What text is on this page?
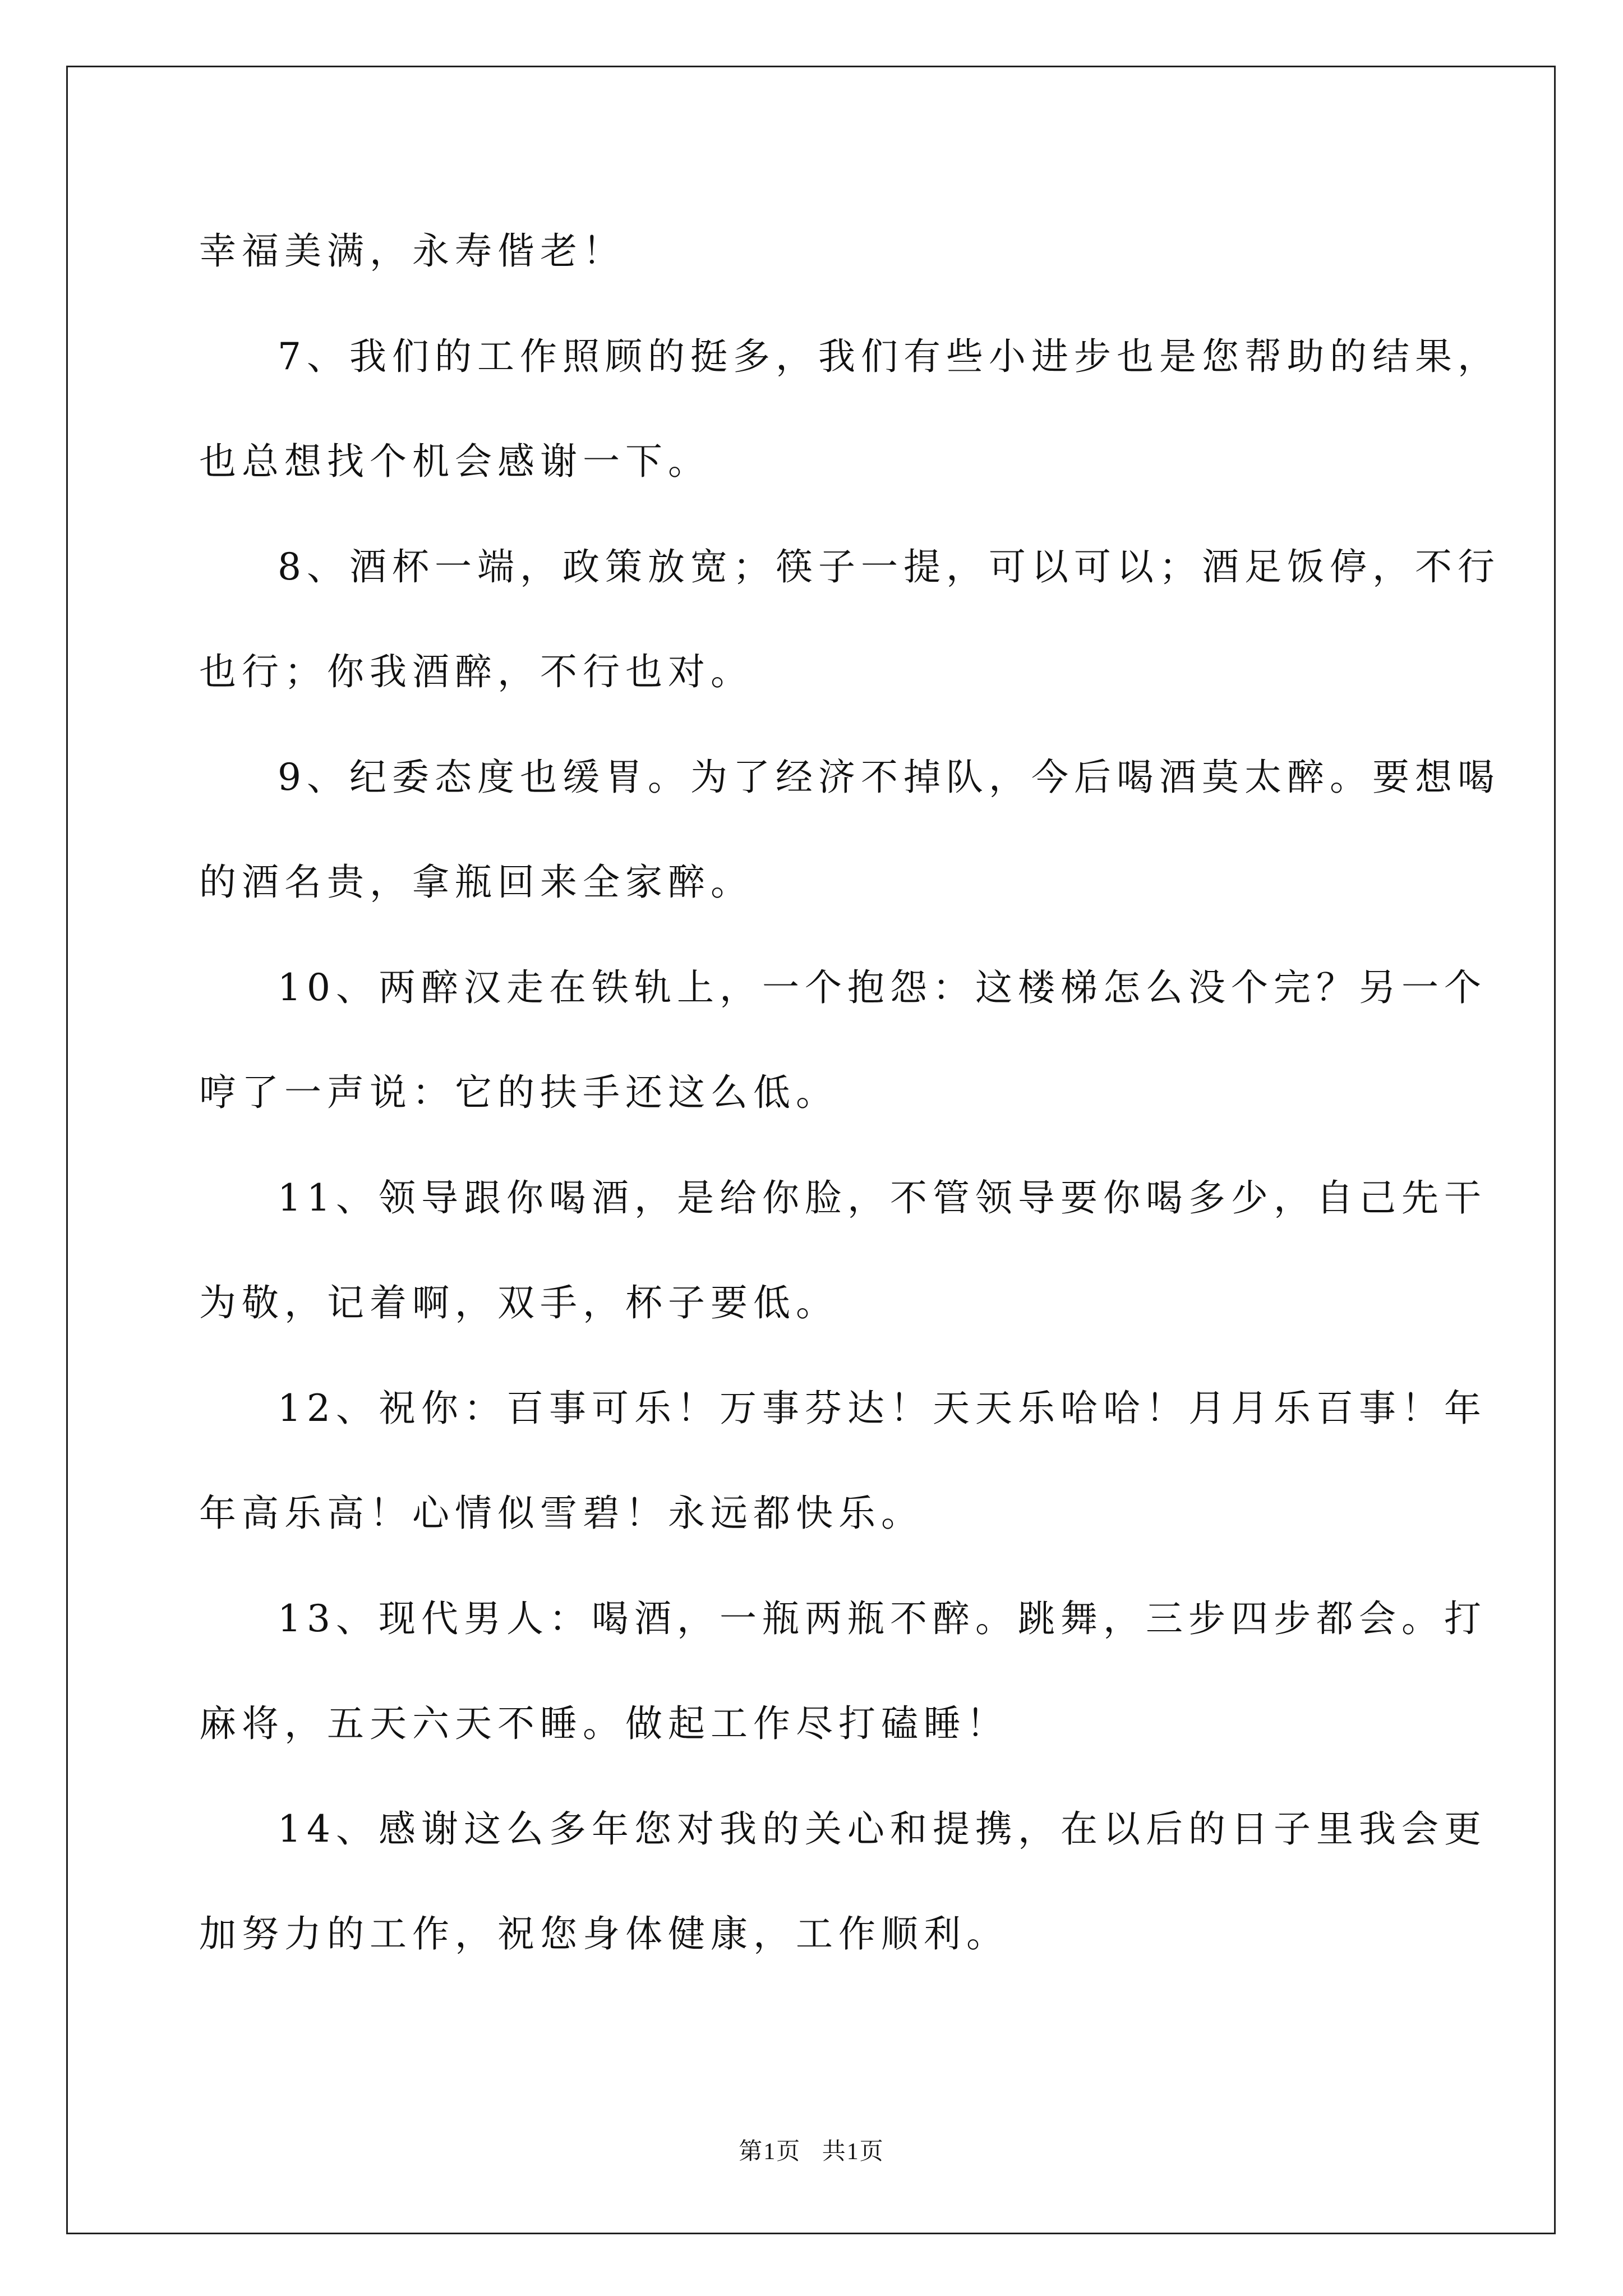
幸福美满，永寿偕老！
7、我们的工作照顾的挺多，我们有些小进步也是您帮助的结果，
也总想找个机会感谢一下。
8、酒杯一端，政策放宽；筷子一提，可以可以；酒足饭停，不行
也行；你我酒醉，不行也对。
9、纪委态度也缓胃。为了经济不掉队，今后喝酒莫太醉。要想喝
的酒名贵，拿瓶回来全家醉。
10、两醉汉走在铁轨上，一个抱怨：这楼梯怎么没个完？另一个
哼了一声说：它的扶手还这么低。
11、领导跟你喝酒，是给你脸，不管领导要你喝多少，自己先干
为敬，记着啊，双手，杯子要低。
12、祝你：百事可乐！万事芬达！天天乐哈哈！月月乐百事！年
年高乐高！心情似雪碧！永远都快乐。
13、现代男人：喝酒，一瓶两瓶不醉。跳舞，三步四步都会。打
麻将，五天六天不睡。做起工作尽打磕睡！
14、感谢这么多年您对我的关心和提携，在以后的日子里我会更
加努力的工作，祝您身体健康，工作顺利。
第1页 共1页
